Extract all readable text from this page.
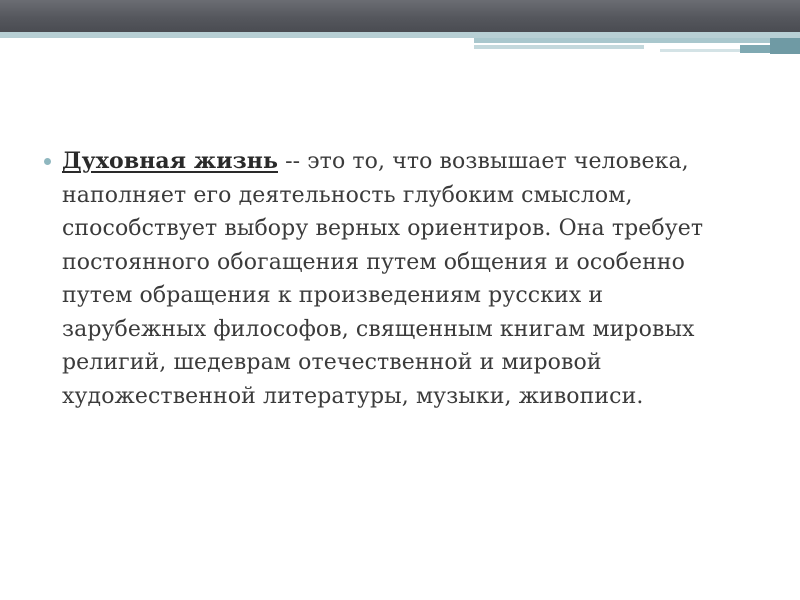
Духовная жизнь -- это то, что возвышает человека, наполняет его деятельность глубоким смыслом, способствует выбору верных ориентиров. Она требует постоянного обогащения путем общения и особенно путем обращения к произведениям русских и зарубежных философов, священным книгам мировых религий, шедеврам отечественной и мировой художественной литературы, музыки, живописи.
